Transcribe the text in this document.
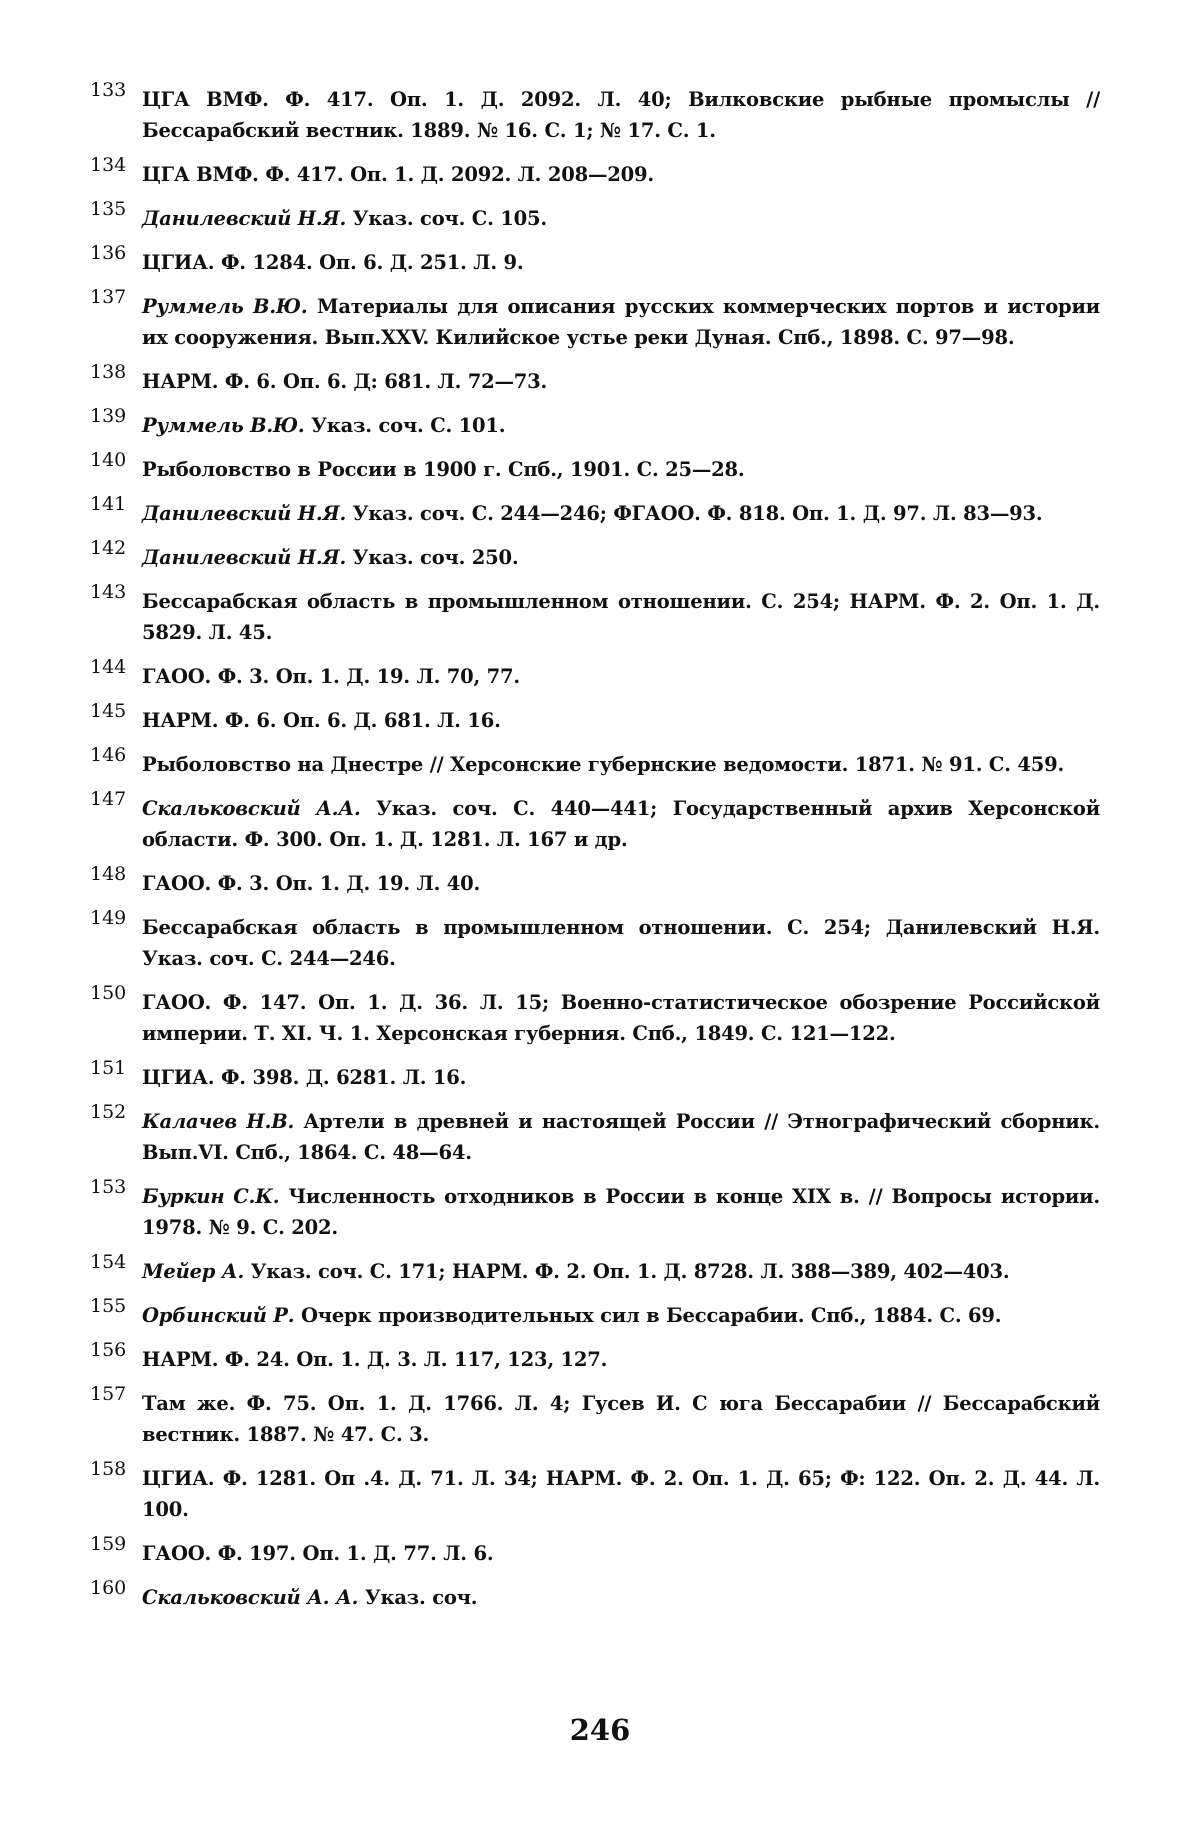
133 ЦГА ВМФ. Ф. 417. Оп. 1. Д. 2092. Л. 40; Вилковские рыбные промыслы // Бессарабский вестник. 1889. № 16. С. 1; № 17. С. 1.
134 ЦГА ВМФ. Ф. 417. Оп. 1. Д. 2092. Л. 208—209.
135 Данилевский Н.Я. Указ. соч. С. 105.
136 ЦГИА. Ф. 1284. Оп. 6. Д. 251. Л. 9.
137 Руммель В.Ю. Материалы для описания русских коммерческих портов и истории их сооружения. Вып.XXV. Килийское устье реки Дуная. Спб., 1898. С. 97—98.
138 НАРМ. Ф. 6. Оп. 6. Д: 681. Л. 72—73.
139 Руммель В.Ю. Указ. соч. С. 101.
140 Рыболовство в России в 1900 г. Спб., 1901. С. 25—28.
141 Данилевский Н.Я. Указ. соч. С. 244—246; ФГАОО. Ф. 818. Оп. 1. Д. 97. Л. 83—93.
142 Данилевский Н.Я. Указ. соч. 250.
143 Бессарабская область в промышленном отношении. С. 254; НАРМ. Ф. 2. Оп. 1. Д. 5829. Л. 45.
144 ГАОО. Ф. 3. Оп. 1. Д. 19. Л. 70, 77.
145 НАРМ. Ф. 6. Оп. 6. Д. 681. Л. 16.
146 Рыболовство на Днестре // Херсонские губернские ведомости. 1871. № 91. С. 459.
147 Скальковский А.А. Указ. соч. С. 440—441; Государственный архив Херсонской области. Ф. 300. Оп. 1. Д. 1281. Л. 167 и др.
148 ГАОО. Ф. 3. Оп. 1. Д. 19. Л. 40.
149 Бессарабская область в промышленном отношении. С. 254; Данилевский Н.Я. Указ. соч. С. 244—246.
150 ГАОО. Ф. 147. Оп. 1. Д. 36. Л. 15; Военно-статистическое обозрение Российской империи. Т. XI. Ч. 1. Херсонская губерния. Спб., 1849. С. 121—122.
151 ЦГИА. Ф. 398. Д. 6281. Л. 16.
152 Калачев Н.В. Артели в древней и настоящей России // Этнографический сборник. Вып.VI. Спб., 1864. С. 48—64.
153 Буркин С.К. Численность отходников в России в конце XIX в. // Вопросы истории. 1978. № 9. С. 202.
154 Мейер А. Указ. соч. С. 171; НАРМ. Ф. 2. Оп. 1. Д. 8728. Л. 388—389, 402—403.
155 Орбинский Р. Очерк производительных сил в Бессарабии. Спб., 1884. С. 69.
156 НАРМ. Ф. 24. Оп. 1. Д. 3. Л. 117, 123, 127.
157 Там же. Ф. 75. Оп. 1. Д. 1766. Л. 4; Гусев И. С юга Бессарабии // Бессарабский вестник. 1887. № 47. С. 3.
158 ЦГИА. Ф. 1281. Оп .4. Д. 71. Л. 34; НАРМ. Ф. 2. Оп. 1. Д. 65; Ф: 122. Оп. 2. Д. 44. Л. 100.
159 ГАОО. Ф. 197. Оп. 1. Д. 77. Л. 6.
160 Скальковский А. А. Указ. соч.
246
